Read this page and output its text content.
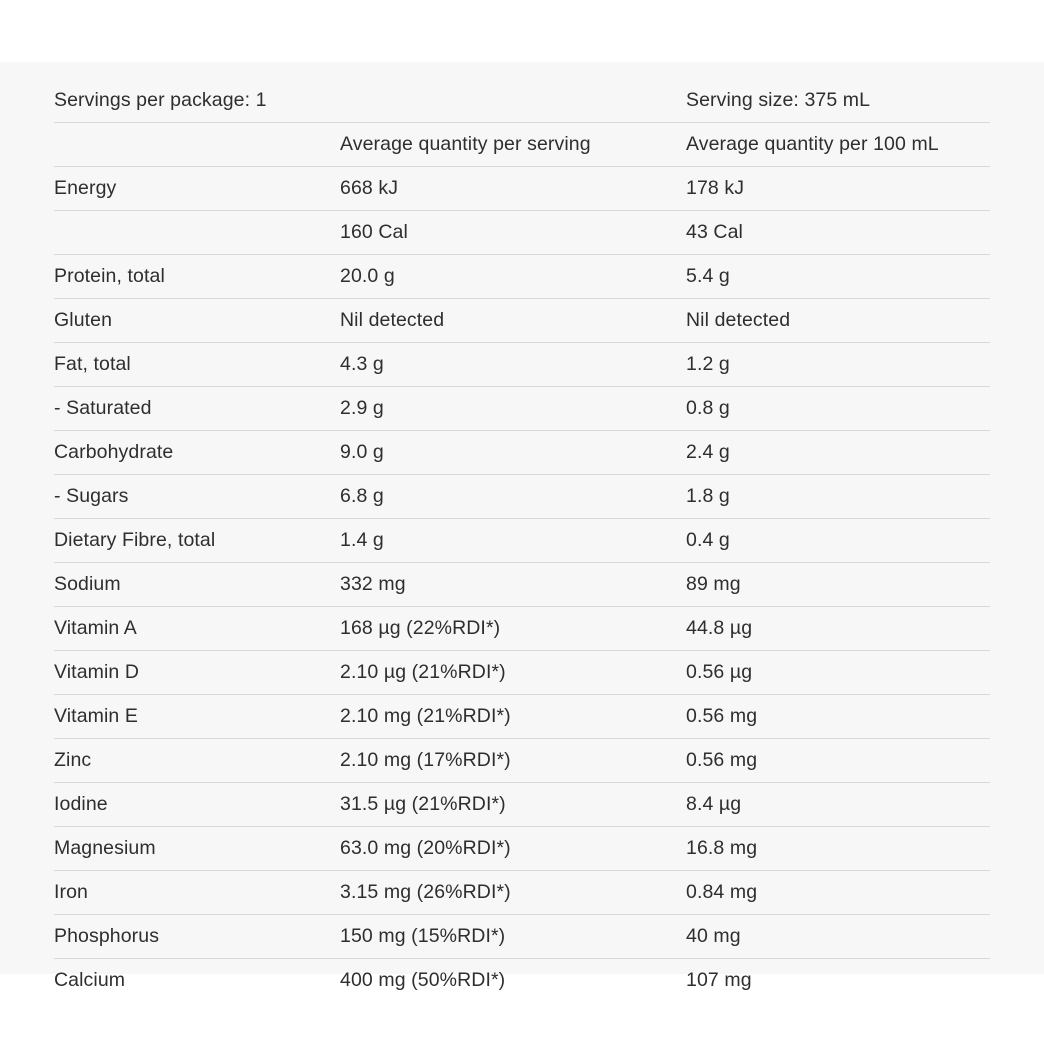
Servings per package: 1		Serving size: 375 mL
	Average quantity per serving	Average quantity per 100 mL
Energy	668 kJ	178 kJ
	160 Cal	43 Cal
Protein, total	20.0 g	5.4 g
Gluten	Nil detected	Nil detected
Fat, total	4.3 g	1.2 g
- Saturated	2.9 g	0.8 g
Carbohydrate	9.0 g	2.4 g
- Sugars	6.8 g	1.8 g
Dietary Fibre, total	1.4 g	0.4 g
Sodium	332 mg	89 mg
Vitamin A	168 µg (22%RDI*)	44.8 µg
Vitamin D	2.10 µg (21%RDI*)	0.56 µg
Vitamin E	2.10 mg (21%RDI*)	0.56 mg
Zinc	2.10 mg (17%RDI*)	0.56 mg
Iodine	31.5 µg (21%RDI*)	8.4 µg
Magnesium	63.0 mg (20%RDI*)	16.8 mg
Iron	3.15 mg (26%RDI*)	0.84 mg
Phosphorus	150 mg (15%RDI*)	40 mg
Calcium	400 mg (50%RDI*)	107 mg
